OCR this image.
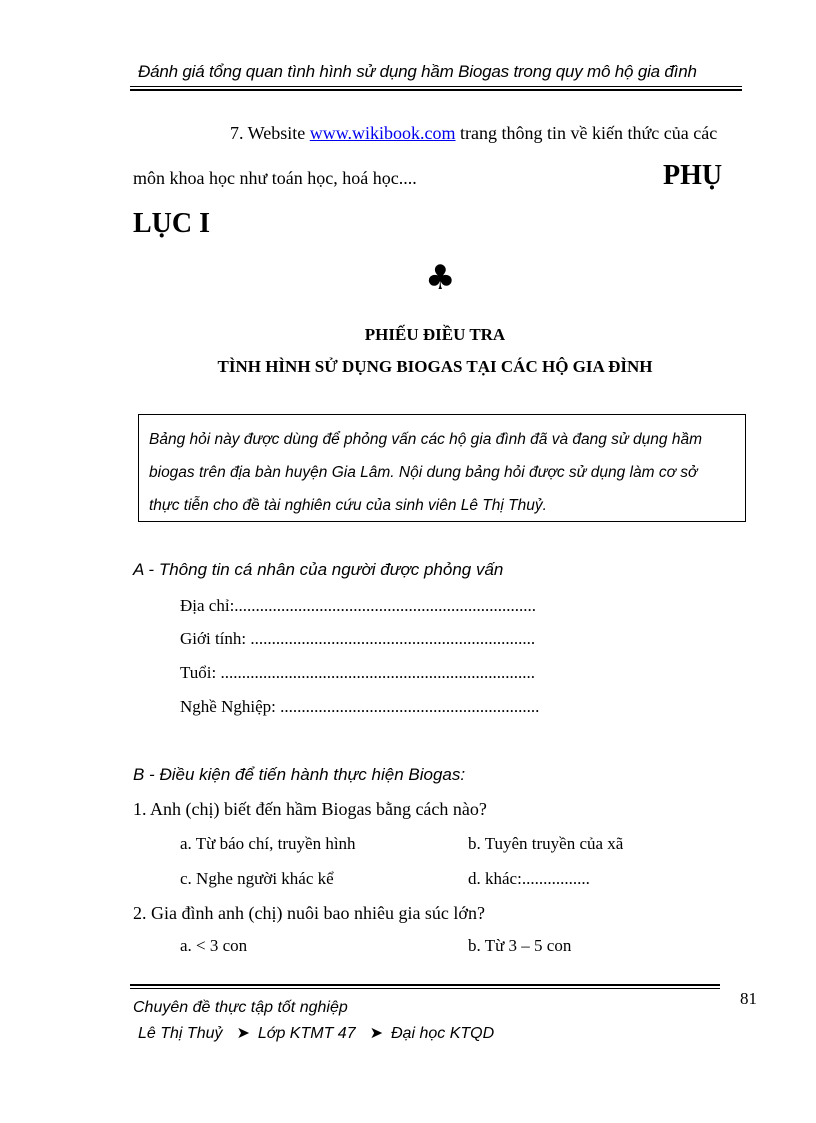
Đánh giá tổng quan tình hình sử dụng hầm Biogas trong quy mô hộ gia đình
7. Website www.wikibook.com trang thông tin về kiến thức của các
môn khoa học như toán học, hoá học....	PHỤ
LỤC I
♣
PHIẾU ĐIỀU TRA
TÌNH HÌNH SỬ DỤNG BIOGAS TẠI CÁC HỘ GIA ĐÌNH
Bảng hỏi này được dùng để phỏng vấn các hộ gia đình đã và đang sử dụng hầm
biogas trên địa bàn huyện Gia Lâm. Nội dung bảng hỏi được sử dụng làm cơ sở
thực tiễn cho đề tài nghiên cứu của sinh viên Lê Thị Thuỷ.
A - Thông tin cá nhân của người được phỏng vấn
Địa chỉ:.......................................................................
Giới tính: ...................................................................
Tuổi: ..........................................................................
Nghề Nghiệp: .............................................................
B - Điều kiện để tiến hành thực hiện Biogas:
1. Anh (chị) biết đến hầm Biogas bằng cách nào?
a. Từ báo chí, truyền hình	b. Tuyên truyền của xã
c. Nghe người khác kể	d. khác:................
2. Gia đình anh (chị) nuôi bao nhiêu gia súc lớn?
a. < 3 con	b. Từ 3 – 5 con
81
Chuyên đề thực tập tốt nghiệp
Lê Thị Thuỷ ➤ Lớp KTMT 47 ➤ Đại học KTQD
